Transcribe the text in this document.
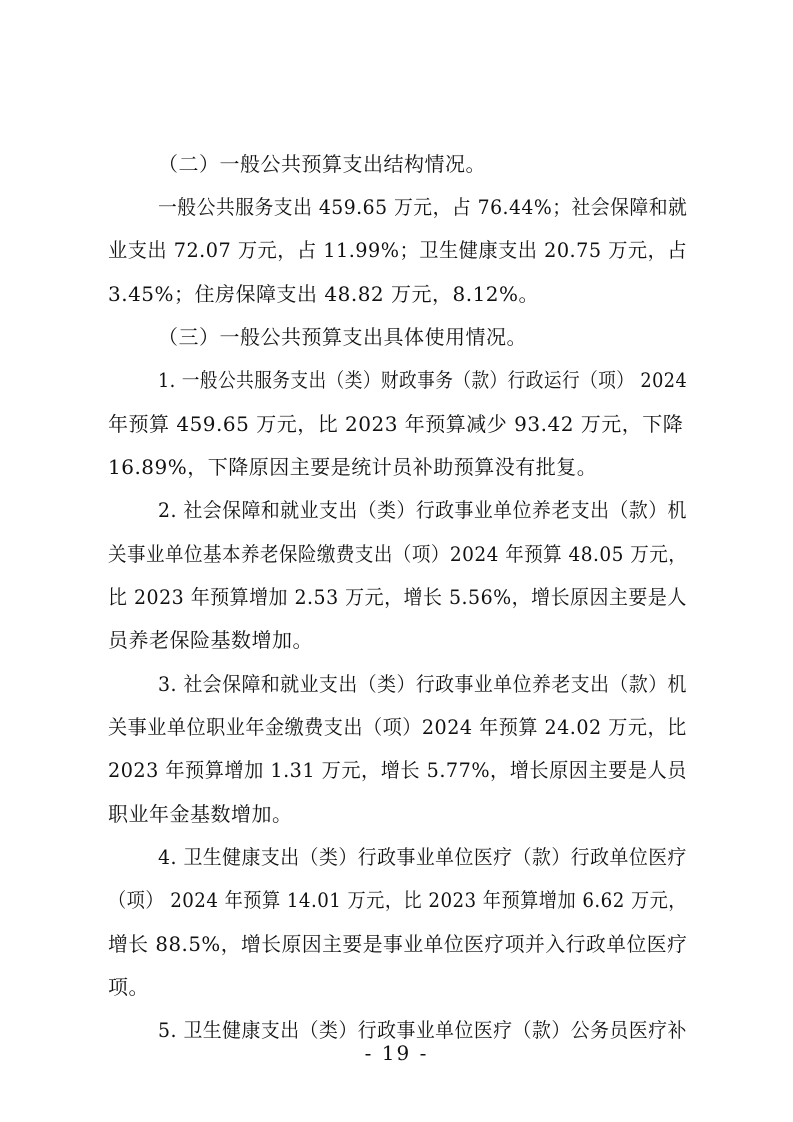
（二）一般公共预算支出结构情况。
一般公共服务支出 459.65 万元，占 76.44%；社会保障和就
业支出 72.07 万元，占 11.99%；卫生健康支出 20.75 万元，占
3.45%；住房保障支出 48.82 万元，8.12%。
（三）一般公共预算支出具体使用情况。
1. 一般公共服务支出（类）财政事务（款）行政运行（项） 2024
年预算 459.65 万元，比 2023 年预算减少 93.42 万元，下降
16.89%，下降原因主要是统计员补助预算没有批复。
2. 社会保障和就业支出（类）行政事业单位养老支出（款）机
关事业单位基本养老保险缴费支出（项）2024 年预算 48.05 万元，
比 2023 年预算增加 2.53 万元，增长 5.56%，增长原因主要是人
员养老保险基数增加。
3. 社会保障和就业支出（类）行政事业单位养老支出（款）机
关事业单位职业年金缴费支出（项）2024 年预算 24.02 万元，比
2023 年预算增加 1.31 万元，增长 5.77%，增长原因主要是人员
职业年金基数增加。
4. 卫生健康支出（类）行政事业单位医疗（款）行政单位医疗
（项） 2024 年预算 14.01 万元，比 2023 年预算增加 6.62 万元，
增长 88.5%，增长原因主要是事业单位医疗项并入行政单位医疗
项。
5. 卫生健康支出（类）行政事业单位医疗（款）公务员医疗补
- 19 -
